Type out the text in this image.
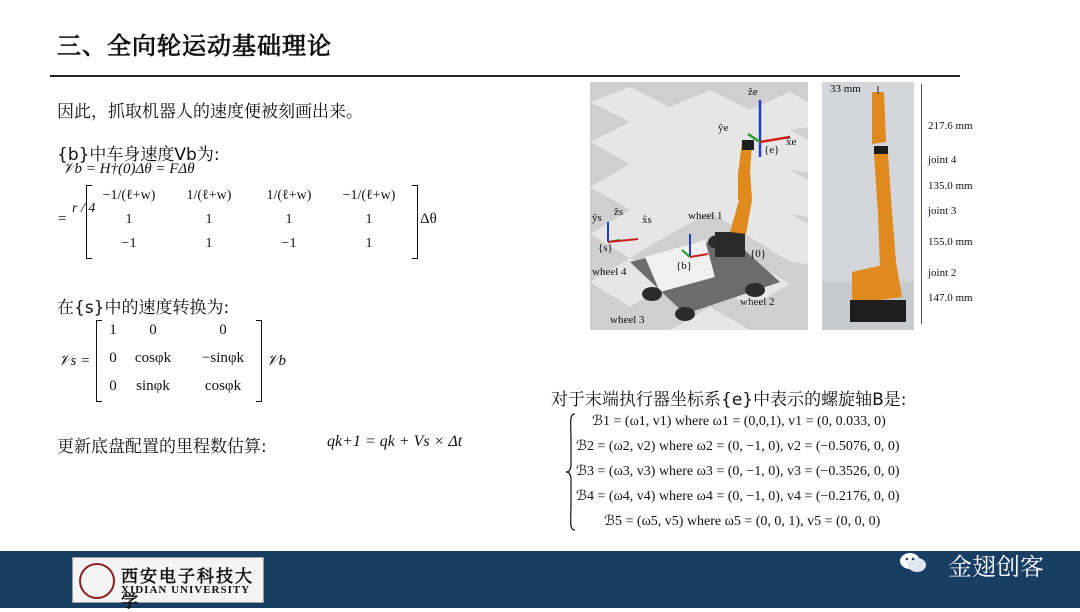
三、全向轮运动基础理论
因此，抓取机器人的速度便被刻画出来。
{b}中车身速度Vb为:
𝒱b = H†(0)Δθ = FΔθ
=
r / 4
−1/(ℓ+w)	1/(ℓ+w)	1/(ℓ+w)	−1/(ℓ+w)
1	1	1	1
−1	1	−1	1
Δθ
在{s}中的速度转换为:
𝒱s =
1	0	0
0	cosφk	−sinφk
0	sinφk	cosφk
𝒱b
更新底盘配置的里程数估算:	qk+1 = qk + Vs × Δt
ẑe
ŷe
x̂e
{e}
ŷs ẑs
x̂s
{s}
wheel 1
{b}
{0}
wheel 4
wheel 2
wheel 3
33 mm
217.6 mm
joint 4
135.0 mm
joint 3
155.0 mm
joint 2
147.0 mm
对于末端执行器坐标系{e}中表示的螺旋轴B是:
ℬ1 = (ω1, v1) where ω1 = (0,0,1), v1 = (0, 0.033, 0)
ℬ2 = (ω2, v2) where ω2 = (0, −1, 0), v2 = (−0.5076, 0, 0)
ℬ3 = (ω3, v3) where ω3 = (0, −1, 0), v3 = (−0.3526, 0, 0)
ℬ4 = (ω4, v4) where ω4 = (0, −1, 0), v4 = (−0.2176, 0, 0)
ℬ5 = (ω5, v5) where ω5 = (0, 0, 1), v5 = (0, 0, 0)
西安电子科技大学
XIDIAN UNIVERSITY
金翅创客
